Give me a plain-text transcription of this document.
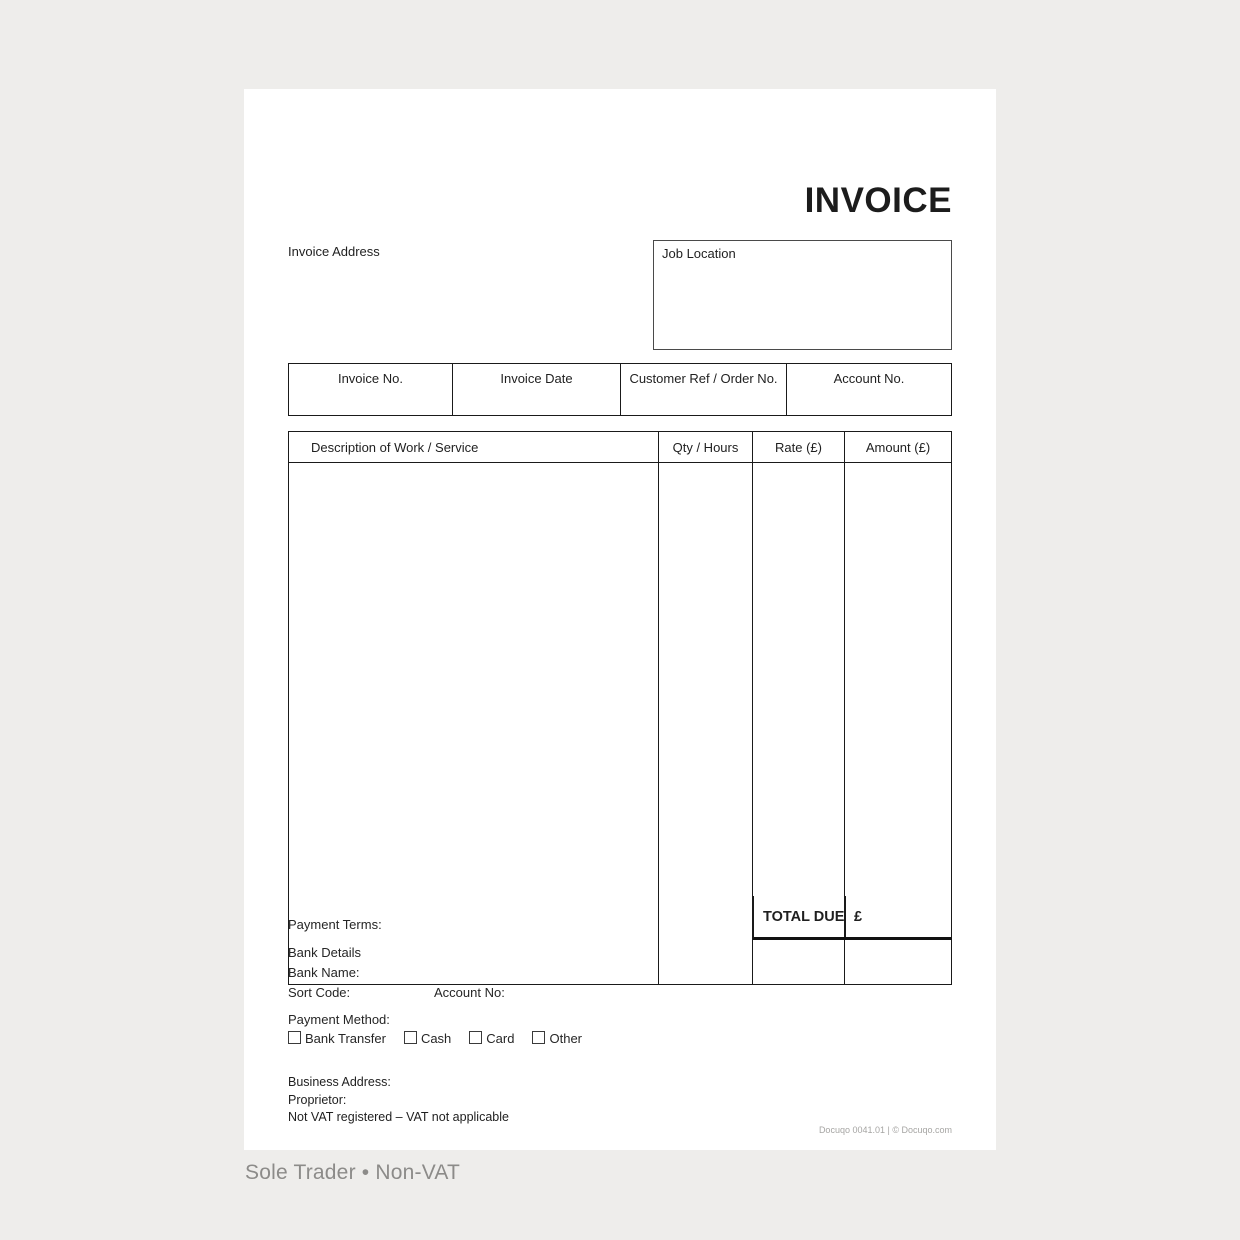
INVOICE
Invoice Address	Job Location
Invoice No.	Invoice Date	Customer Ref / Order No.	Account No.
Description of Work / Service	Qty / Hours	Rate (£)	Amount (£)
TOTAL DUE £
Payment Terms:
Bank Details
Bank Name:
Sort Code:	Account No:
Payment Method:
Bank Transfer	Cash	Card	Other
Business Address:
Proprietor:
Not VAT registered – VAT not applicable
Docuqo 0041.01 | © Docuqo.com
Sole Trader • Non-VAT
